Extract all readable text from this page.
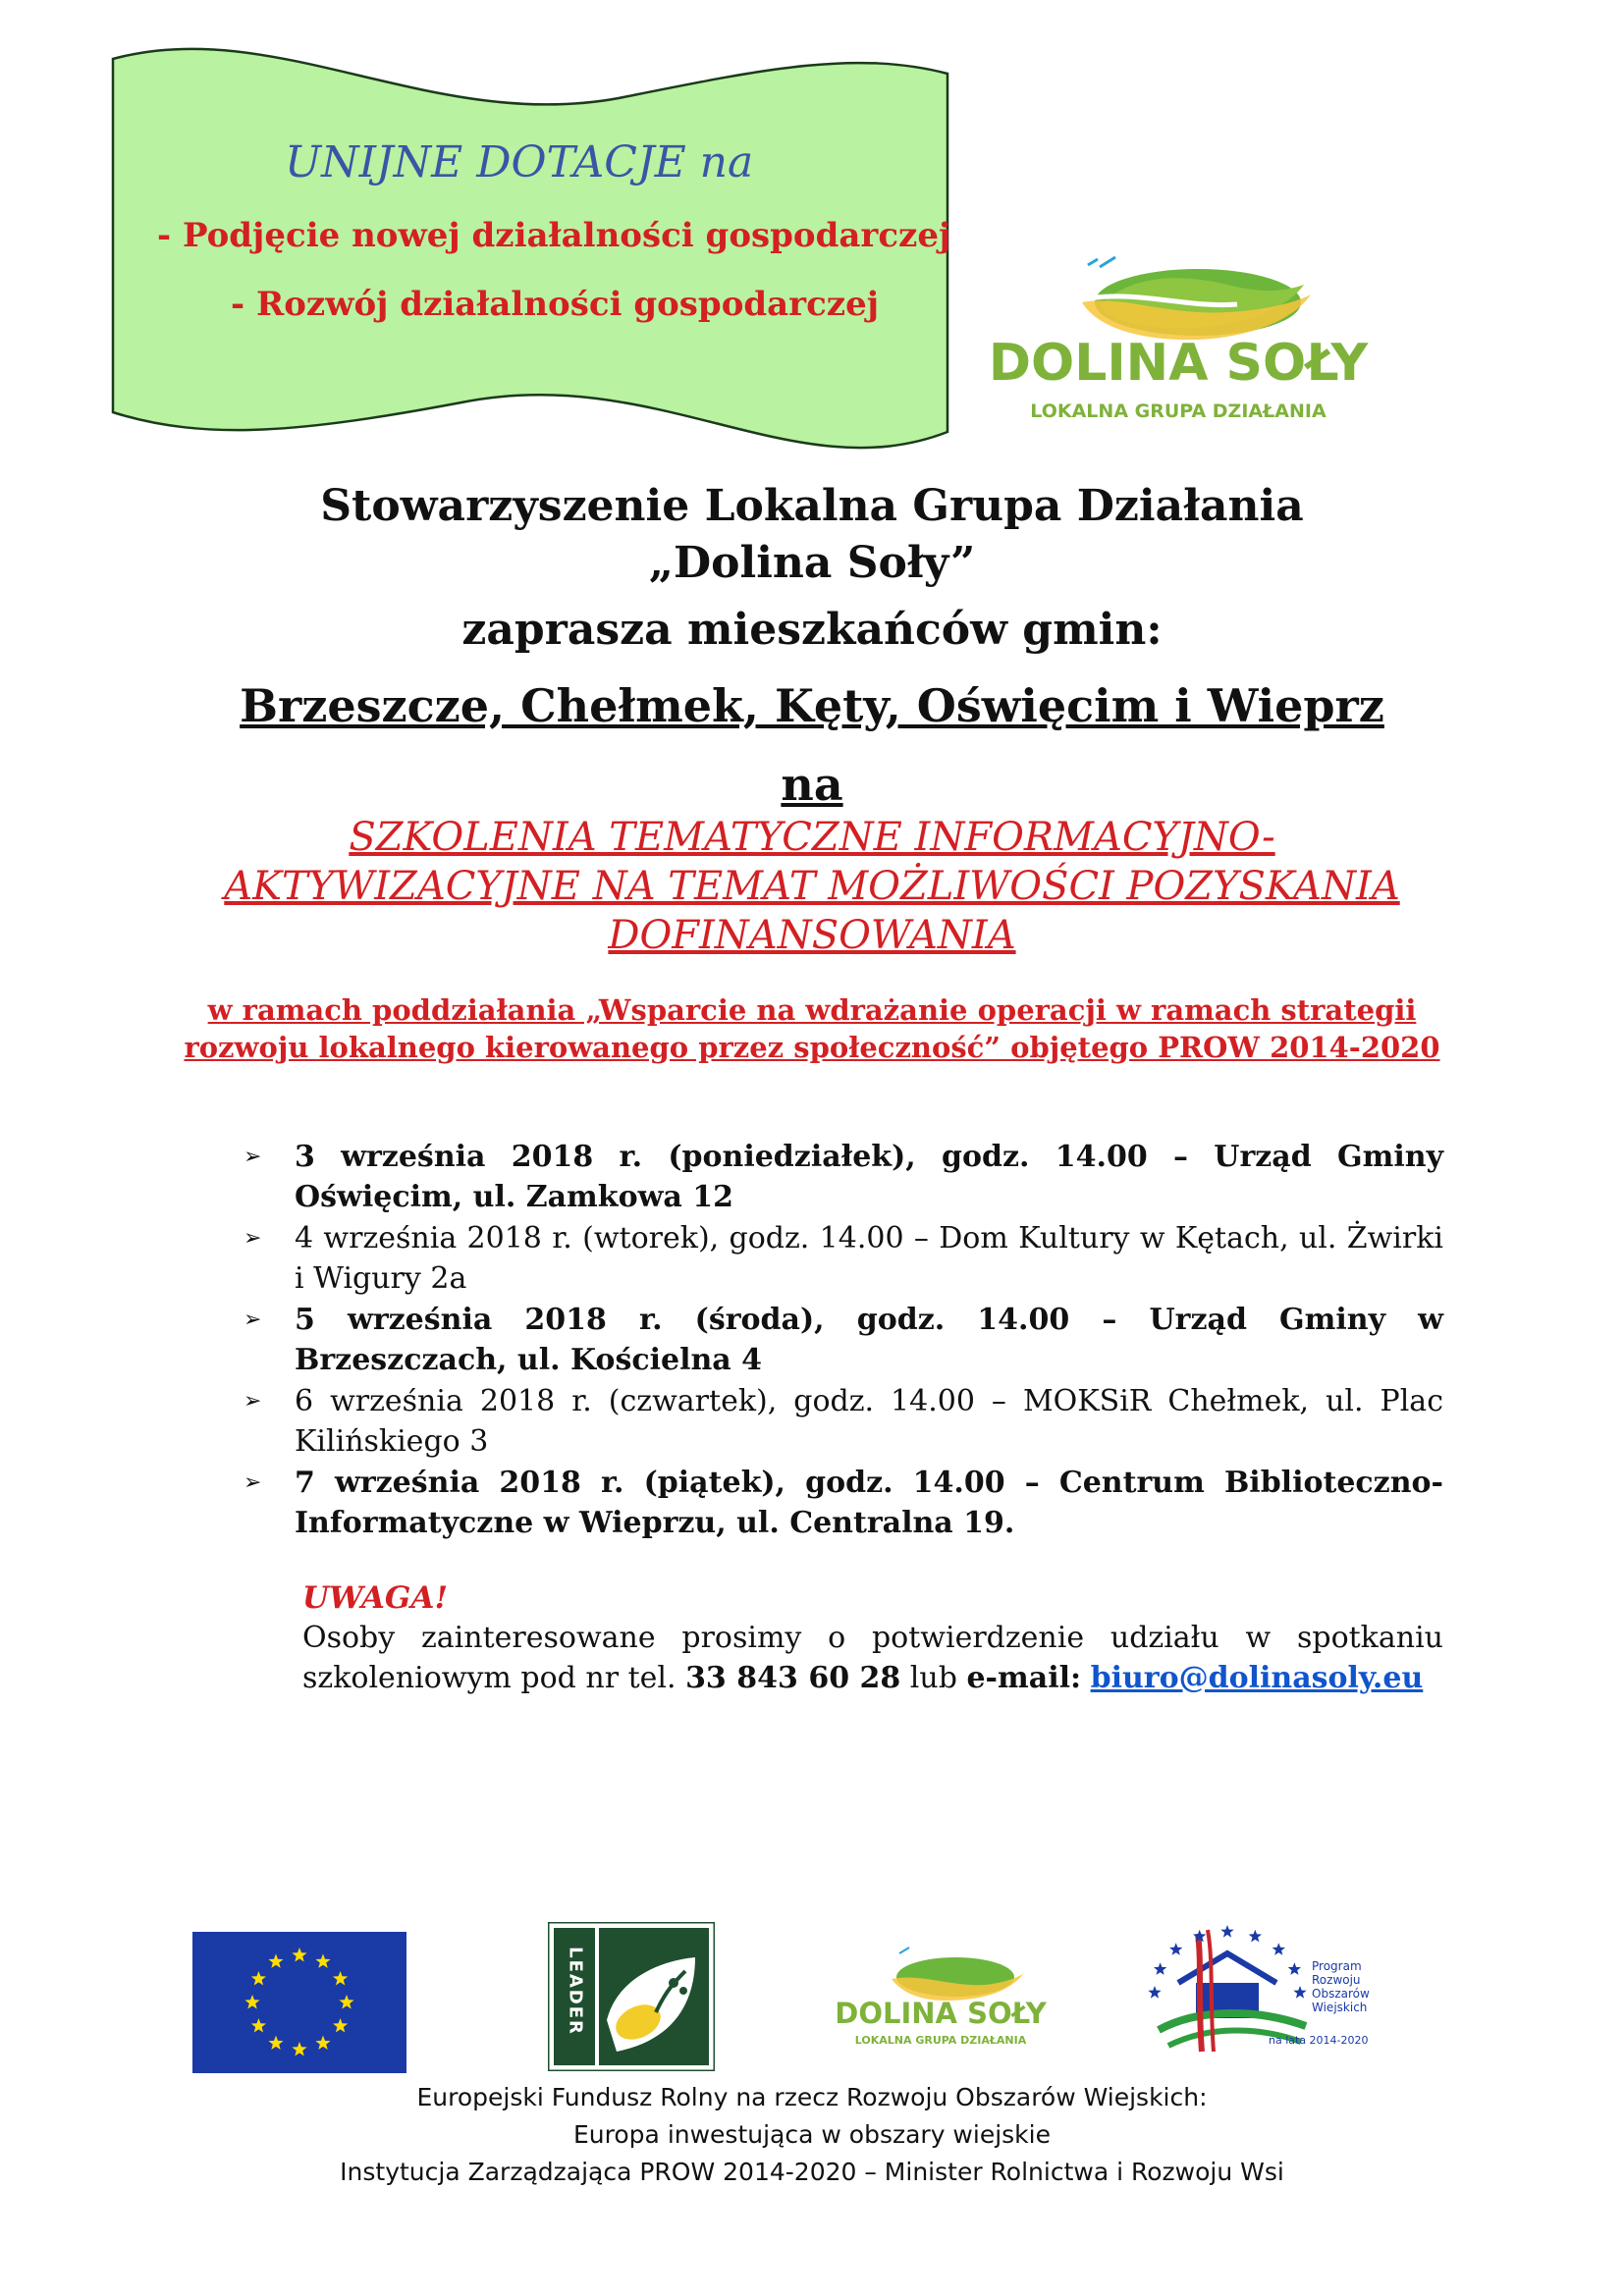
UNIJNE DOTACJE na
- Podjęcie nowej działalności gospodarczej
- Rozwój działalności gospodarczej
DOLINA SOŁY
LOKALNA GRUPA DZIAŁANIA
Stowarzyszenie Lokalna Grupa Działania
„Dolina Soły”
zaprasza mieszkańców gmin:
Brzeszcze, Chełmek, Kęty, Oświęcim i Wieprz
na
SZKOLENIA TEMATYCZNE INFORMACYJNO-
AKTYWIZACYJNE NA TEMAT MOŻLIWOŚCI POZYSKANIA
DOFINANSOWANIA
w ramach poddziałania „Wsparcie na wdrażanie operacji w ramach strategii
rozwoju lokalnego kierowanego przez społeczność” objętego PROW 2014-2020
➢ 3 września 2018 r. (poniedziałek), godz. 14.00 – Urząd Gminy Oświęcim, ul. Zamkowa 12
➢ 4 września 2018 r. (wtorek), godz. 14.00 – Dom Kultury w Kętach, ul. Żwirki i Wigury 2a
➢ 5 września 2018 r. (środa), godz. 14.00 – Urząd Gminy w Brzeszczach, ul. Kościelna 4
➢ 6 września 2018 r. (czwartek), godz. 14.00 – MOKSiR Chełmek, ul. Plac Kilińskiego 3
➢ 7 września 2018 r. (piątek), godz. 14.00 – Centrum Biblioteczno-Informatyczne w Wieprzu, ul. Centralna 19.
UWAGA!
Osoby zainteresowane prosimy o potwierdzenie udziału w spotkaniu szkoleniowym pod nr tel. 33 843 60 28 lub e-mail: biuro@dolinasoly.eu
LEADER	DOLINA SOŁY
LOKALNA GRUPA DZIAŁANIA
Program
Rozwoju
Obszarów
Wiejskich
na lata 2014-2020
Europejski Fundusz Rolny na rzecz Rozwoju Obszarów Wiejskich:
Europa inwestująca w obszary wiejskie
Instytucja Zarządzająca PROW 2014-2020 – Minister Rolnictwa i Rozwoju Wsi
